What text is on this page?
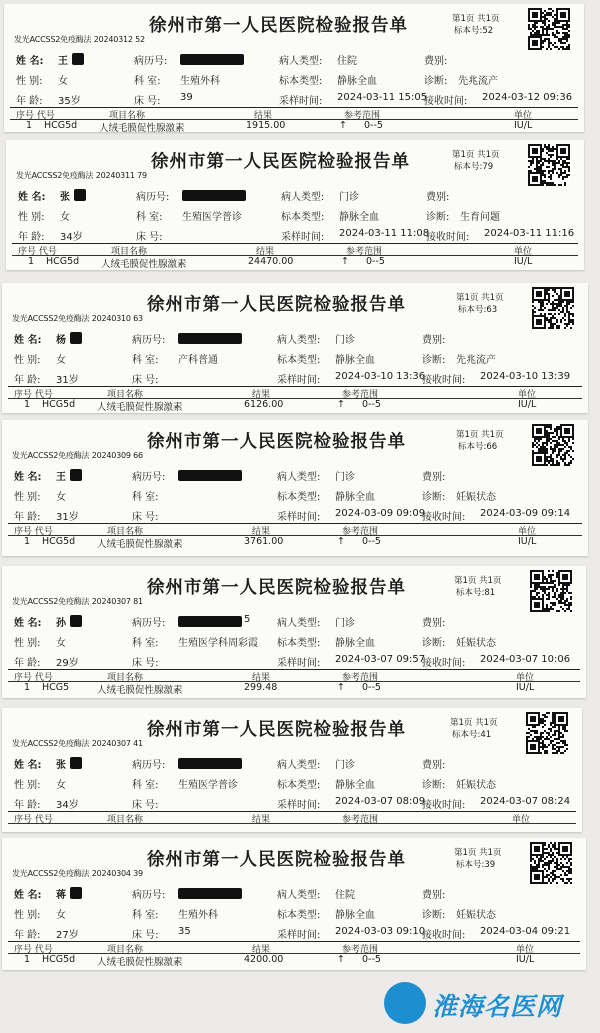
发光ACCSS2免疫酶法 20240312 52
徐州市第一人民医院检验报告单	第1页 共1页
标本号:52
姓 名: 王
性 别: 女
年 龄: 35岁
病历号:
科 室: 生殖外科
床 号: 39
病人类型: 住院
标本类型: 静脉全血
采样时间: 2024-03-11 15:05
费别:
诊断: 先兆流产
接收时间: 2024-03-12 09:36
序号 代号	项目名称	结果	参考范围	单位
1 HCG5d 人绒毛膜促性腺激素	1915.00	↑ 0--5	IU/L
发光ACCSS2免疫酶法 20240311 79
徐州市第一人民医院检验报告单	第1页 共1页
标本号:79
姓 名: 张
性 别: 女
年 龄: 34岁
病历号:
科 室: 生殖医学普诊
床 号:
病人类型: 门诊
标本类型: 静脉全血
采样时间: 2024-03-11 11:08
费别:
诊断: 生育问题
接收时间: 2024-03-11 11:16
序号 代号	项目名称	结果	参考范围	单位
1 HCG5d 人绒毛膜促性腺激素	24470.00	↑ 0--5	IU/L
发光ACCSS2免疫酶法 20240310 63
徐州市第一人民医院检验报告单	第1页 共1页
标本号:63
姓 名: 杨
性 别: 女
年 龄: 31岁
病历号:
科 室: 产科普通
床 号:
病人类型: 门诊
标本类型: 静脉全血
采样时间: 2024-03-10 13:36
费别:
诊断: 先兆流产
接收时间: 2024-03-10 13:39
序号 代号	项目名称	结果	参考范围	单位
1 HCG5d 人绒毛膜促性腺激素	6126.00	↑ 0--5	IU/L
发光ACCSS2免疫酶法 20240309 66
徐州市第一人民医院检验报告单	第1页 共1页
标本号:66
姓 名: 王
性 别: 女
年 龄: 31岁
病历号:
科 室:
床 号:
病人类型: 门诊
标本类型: 静脉全血
采样时间: 2024-03-09 09:09
费别:
诊断: 妊娠状态
接收时间: 2024-03-09 09:14
序号 代号	项目名称	结果	参考范围	单位
1 HCG5d 人绒毛膜促性腺激素	3761.00	↑ 0--5	IU/L
发光ACCSS2免疫酶法 20240307 81
徐州市第一人民医院检验报告单	第1页 共1页
标本号:81
姓 名: 孙
性 别: 女
年 龄: 29岁
病历号:	5
科 室: 生殖医学科周彩霞
床 号:
病人类型: 门诊
标本类型: 静脉全血
采样时间: 2024-03-07 09:57
费别:
诊断: 妊娠状态
接收时间: 2024-03-07 10:06
序号 代号	项目名称	结果	参考范围	单位
1 HCG5	人绒毛膜促性腺激素	299.48	↑ 0--5	IU/L
发光ACCSS2免疫酶法 20240307 41
徐州市第一人民医院检验报告单	第1页 共1页
标本号:41
姓 名: 张
性 别: 女
年 龄: 34岁
病历号:
科 室: 生殖医学普诊
床 号:
病人类型: 门诊
标本类型: 静脉全血
采样时间: 2024-03-07 08:09
费别:
诊断: 妊娠状态
接收时间: 2024-03-07 08:24
序号 代号	项目名称	结果	参考范围	单位
发光ACCSS2免疫酶法 20240304 39
徐州市第一人民医院检验报告单	第1页 共1页
标本号:39
姓 名: 蒋
性 别: 女
年 龄: 27岁
病历号:
科 室: 生殖外科
床 号: 35
病人类型: 住院
标本类型: 静脉全血
采样时间: 2024-03-03 09:10
费别:
诊断: 妊娠状态
接收时间: 2024-03-04 09:21
序号 代号	项目名称	结果	参考范围	单位
1 HCG5d 人绒毛膜促性腺激素	4200.00	↑ 0--5	IU/L
淮海名医网
